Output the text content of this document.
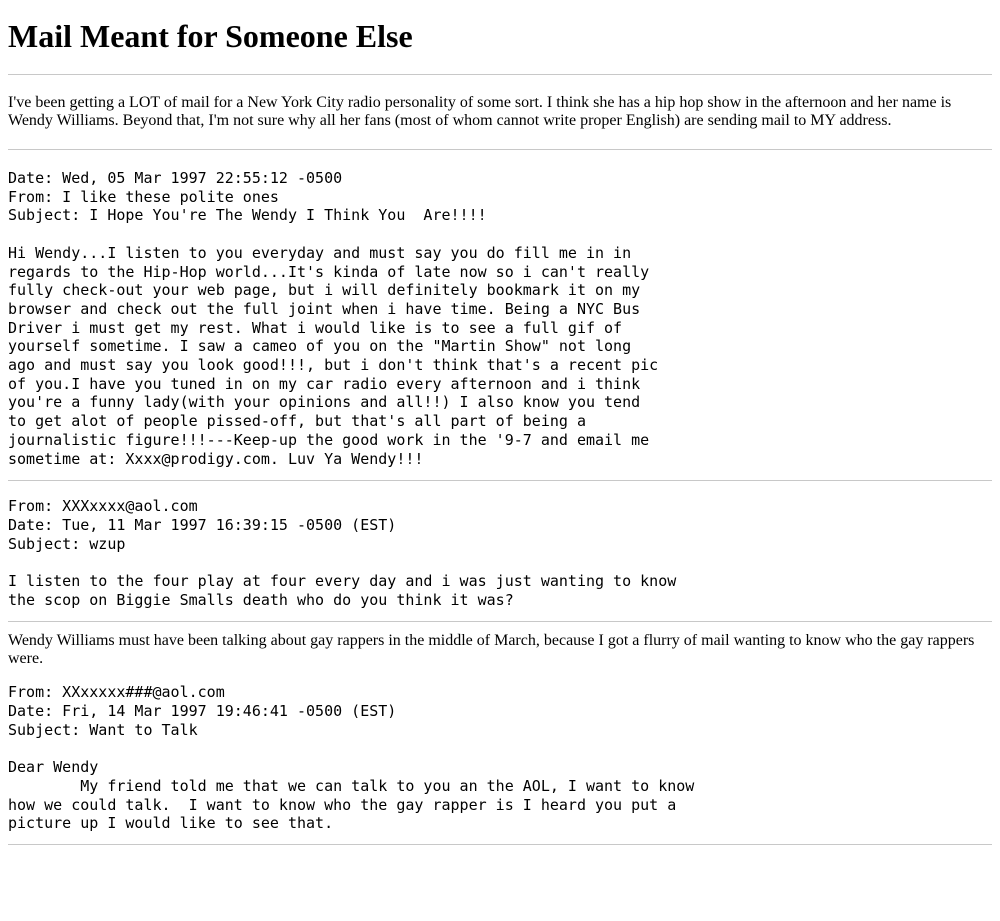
Mail Meant for Someone Else

I've been getting a LOT of mail for a New York City radio personality of some sort. I think she has a hip hop show in the afternoon and her name is Wendy Williams. Beyond that, I'm not sure why all her fans (most of whom cannot write proper English) are sending mail to MY address.

Date: Wed, 05 Mar 1997 22:55:12 -0500
From: I like these polite ones
Subject: I Hope You're The Wendy I Think You  Are!!!!

Hi Wendy...I listen to you everyday and must say you do fill me in in
regards to the Hip-Hop world...It's kinda of late now so i can't really
fully check-out your web page, but i will definitely bookmark it on my
browser and check out the full joint when i have time. Being a NYC Bus
Driver i must get my rest. What i would like is to see a full gif of
yourself sometime. I saw a cameo of you on the "Martin Show" not long
ago and must say you look good!!!, but i don't think that's a recent pic
of you.I have you tuned in on my car radio every afternoon and i think
you're a funny lady(with your opinions and all!!) I also know you tend
to get alot of people pissed-off, but that's all part of being a
journalistic figure!!!---Keep-up the good work in the '9-7 and email me
sometime at: Xxxx@prodigy.com. Luv Ya Wendy!!!
From: XXXxxxx@aol.com
Date: Tue, 11 Mar 1997 16:39:15 -0500 (EST)
Subject: wzup

I listen to the four play at four every day and i was just wanting to know
the scop on Biggie Smalls death who do you think it was?

Wendy Williams must have been talking about gay rappers in the middle of March, because I got a flurry of mail wanting to know who the gay rappers were.

From: XXxxxxx###@aol.com
Date: Fri, 14 Mar 1997 19:46:41 -0500 (EST)
Subject: Want to Talk

Dear Wendy
My friend told me that we can talk to you an the AOL, I want to know
how we could talk.  I want to know who the gay rapper is I heard you put a
picture up I would like to see that.
